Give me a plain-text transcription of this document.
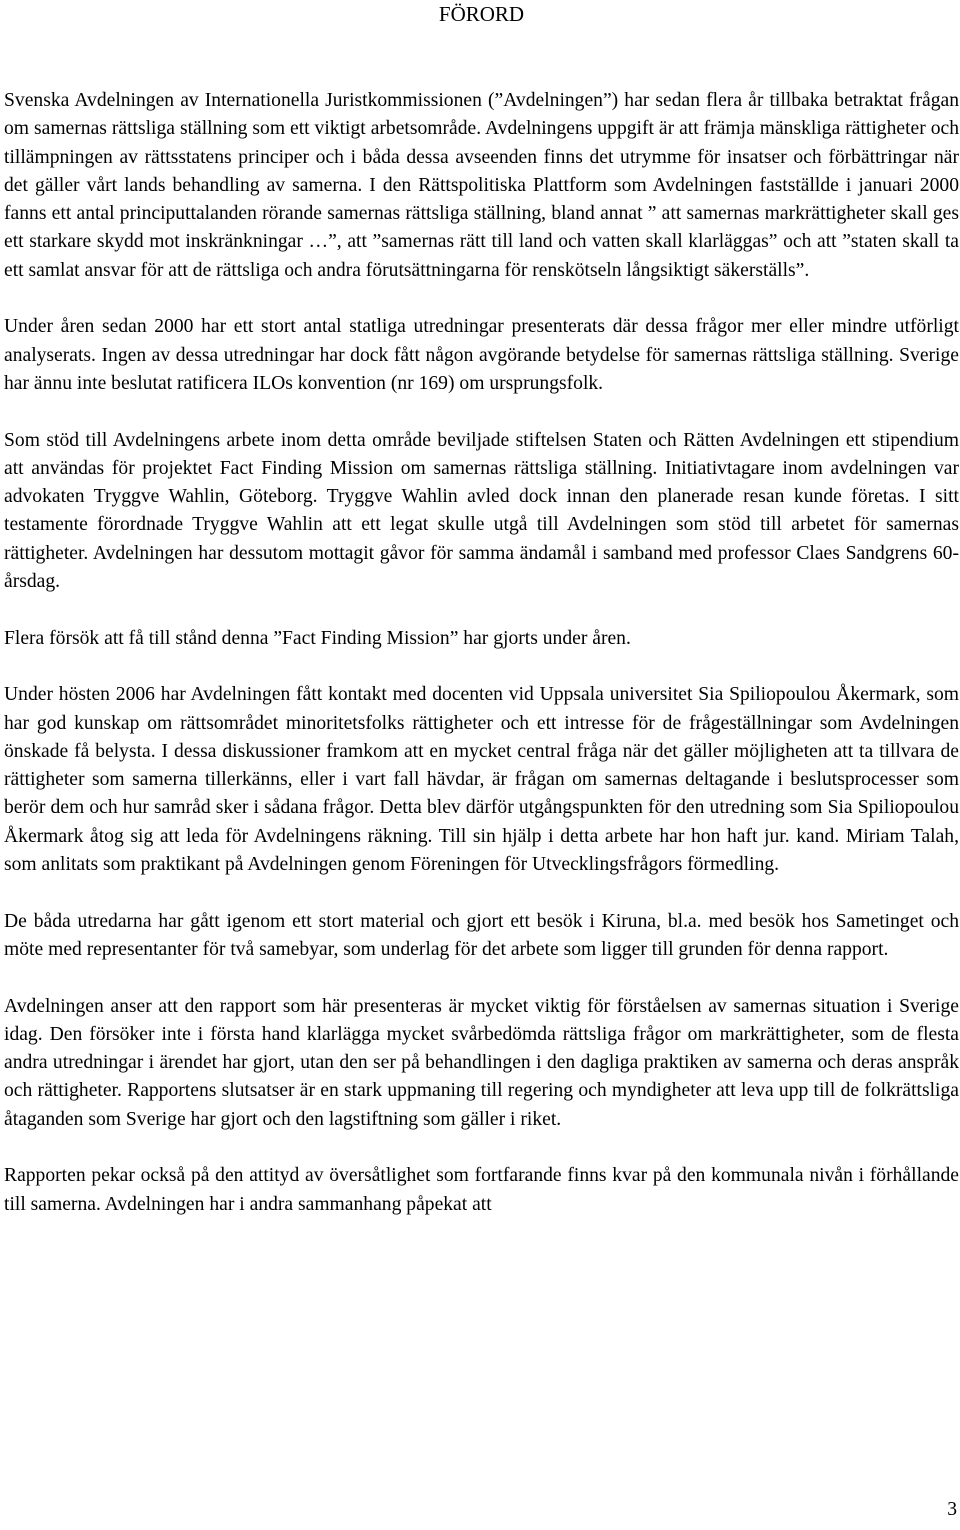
FÖRORD

Svenska Avdelningen av Internationella Juristkommissionen (”Avdelningen”) har sedan flera år tillbaka betraktat frågan om samernas rättsliga ställning som ett viktigt arbetsområde. Avdelningens uppgift är att främja mänskliga rättigheter och tillämpningen av rättsstatens principer och i båda dessa avseenden finns det utrymme för insatser och förbättringar när det gäller vårt lands behandling av samerna. I den Rättspolitiska Plattform som Avdelningen fastställde i januari 2000 fanns ett antal principuttalanden rörande samernas rättsliga ställning, bland annat ” att samernas markrättigheter skall ges ett starkare skydd mot inskränkningar …”, att ”samernas rätt till land och vatten skall klarläggas” och att ”staten skall ta ett samlat ansvar för att de rättsliga och andra förutsättningarna för renskötseln långsiktigt säkerställs”.

Under åren sedan 2000 har ett stort antal statliga utredningar presenterats där dessa frågor mer eller mindre utförligt analyserats. Ingen av dessa utredningar har dock fått någon avgörande betydelse för samernas rättsliga ställning. Sverige har ännu inte beslutat ratificera ILOs konvention (nr 169) om ursprungsfolk.

Som stöd till Avdelningens arbete inom detta område beviljade stiftelsen Staten och Rätten Avdelningen ett stipendium att användas för projektet Fact Finding Mission om samernas rättsliga ställning. Initiativtagare inom avdelningen var advokaten Tryggve Wahlin, Göteborg. Tryggve Wahlin avled dock innan den planerade resan kunde företas. I sitt testamente förordnade Tryggve Wahlin att ett legat skulle utgå till Avdelningen som stöd till arbetet för samernas rättigheter. Avdelningen har dessutom mottagit gåvor för samma ändamål i samband med professor Claes Sandgrens 60-årsdag.

Flera försök att få till stånd denna ”Fact Finding Mission” har gjorts under åren.

Under hösten 2006 har Avdelningen fått kontakt med docenten vid Uppsala universitet Sia Spiliopoulou Åkermark, som har god kunskap om rättsområdet minoritetsfolks rättigheter och ett intresse för de frågeställningar som Avdelningen önskade få belysta. I dessa diskussioner framkom att en mycket central fråga när det gäller möjligheten att ta tillvara de rättigheter som samerna tillerkänns, eller i vart fall hävdar, är frågan om samernas deltagande i beslutsprocesser som berör dem och hur samråd sker i sådana frågor. Detta blev därför utgångspunkten för den utredning som Sia Spiliopoulou Åkermark åtog sig att leda för Avdelningens räkning. Till sin hjälp i detta arbete har hon haft jur. kand. Miriam Talah, som anlitats som praktikant på Avdelningen genom Föreningen för Utvecklingsfrågors förmedling.

De båda utredarna har gått igenom ett stort material och gjort ett besök i Kiruna, bl.a. med besök hos Sametinget och möte med representanter för två samebyar, som underlag för det arbete som ligger till grunden för denna rapport.

Avdelningen anser att den rapport som här presenteras är mycket viktig för förståelsen av samernas situation i Sverige idag. Den försöker inte i första hand klarlägga mycket svårbedömda rättsliga frågor om markrättigheter, som de flesta andra utredningar i ärendet har gjort, utan den ser på behandlingen i den dagliga praktiken av samerna och deras anspråk och rättigheter. Rapportens slutsatser är en stark uppmaning till regering och myndigheter att leva upp till de folkrättsliga åtaganden som Sverige har gjort och den lagstiftning som gäller i riket.

Rapporten pekar också på den attityd av översåtlighet som fortfarande finns kvar på den kommunala nivån i förhållande till samerna. Avdelningen har i andra sammanhang påpekat att

3
